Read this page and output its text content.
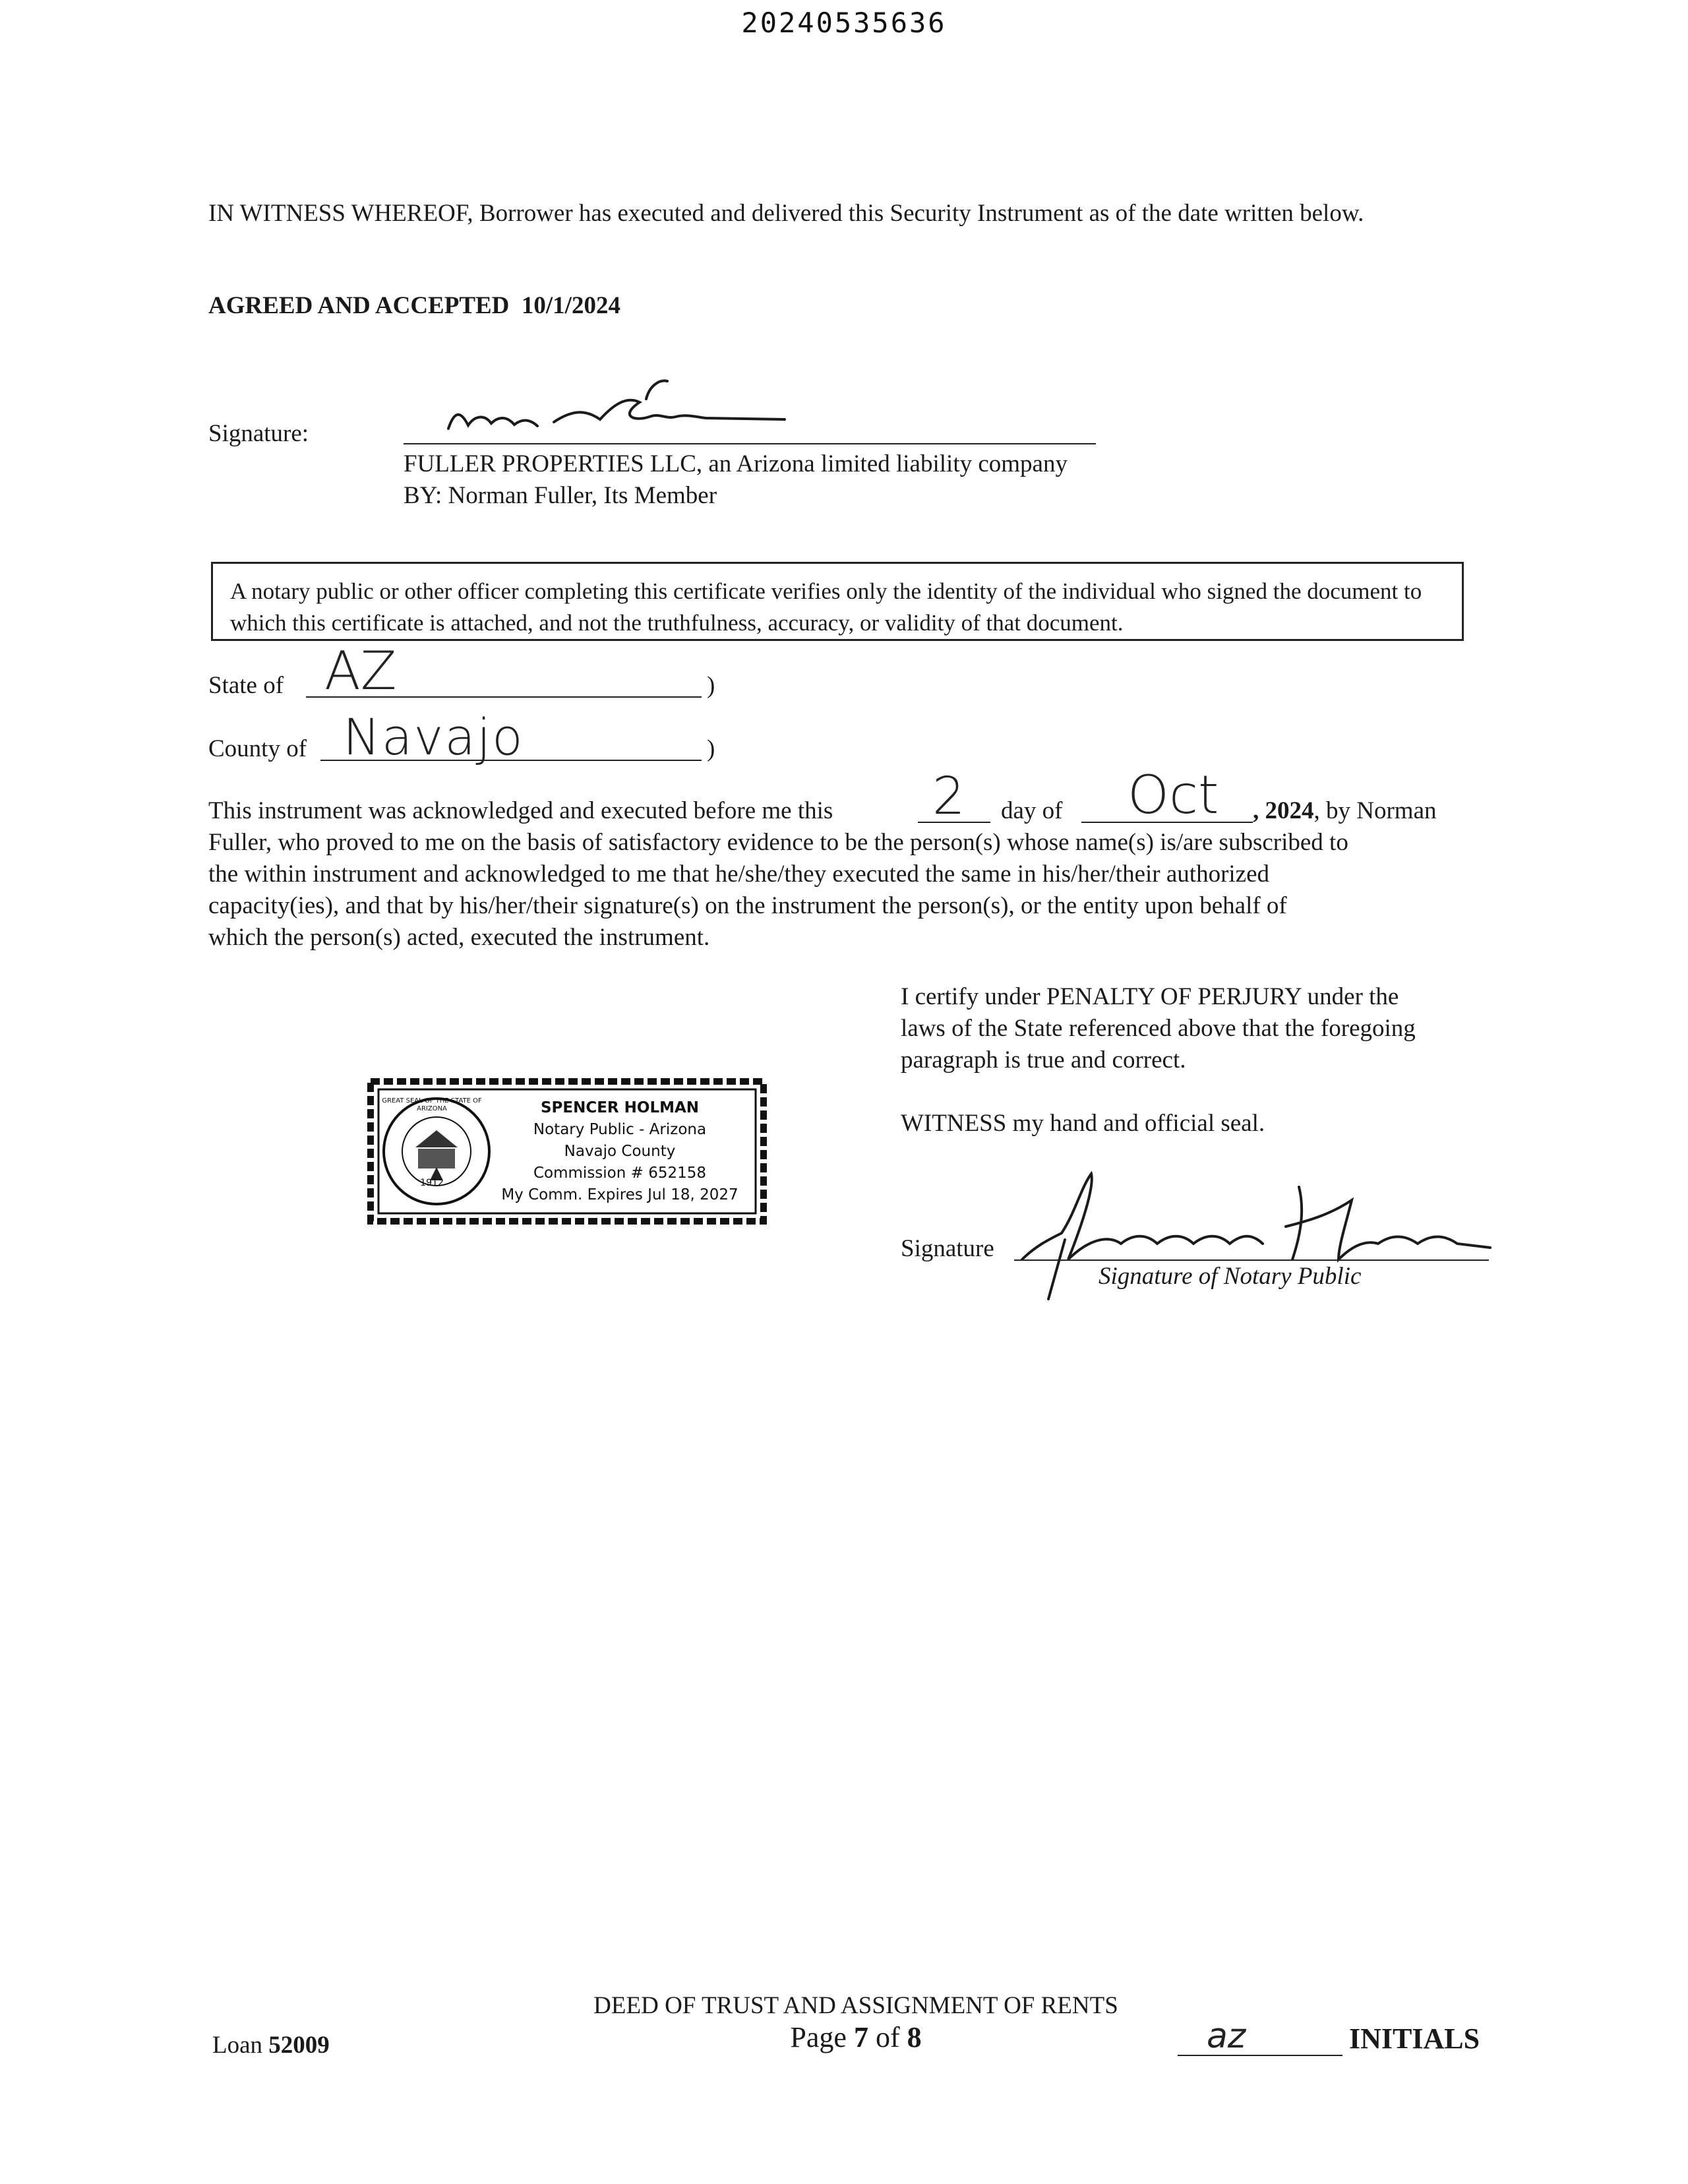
20240535636
IN WITNESS WHEREOF, Borrower has executed and delivered this Security Instrument as of the date written below.
AGREED AND ACCEPTED 10/1/2024
Signature:
FULLER PROPERTIES LLC, an Arizona limited liability company
BY: Norman Fuller, Its Member
A notary public or other officer completing this certificate verifies only the identity of the individual who signed the document to which this certificate is attached, and not the truthfulness, accuracy, or validity of that document.
State of AZ	)
County of Navajo	)
This instrument was acknowledged and executed before me this 2 day of Oct , 2024, by Norman
Fuller, who proved to me on the basis of satisfactory evidence to be the person(s) whose name(s) is/are subscribed to
the within instrument and acknowledged to me that he/she/they executed the same in his/her/their authorized
capacity(ies), and that by his/her/their signature(s) on the instrument the person(s), or the entity upon behalf of
which the person(s) acted, executed the instrument.
I certify under PENALTY OF PERJURY under the
laws of the State referenced above that the foregoing
paragraph is true and correct.
WITNESS my hand and official seal.
GREAT SEAL OF THE STATE OF ARIZONA
1912
SPENCER HOLMAN
Notary Public - Arizona
Navajo County
Commission # 652158
My Comm. Expires Jul 18, 2027
Signature
Signature of Notary Public
DEED OF TRUST AND ASSIGNMENT OF RENTS
Page 7 of 8
Loan 52009	az	INITIALS
